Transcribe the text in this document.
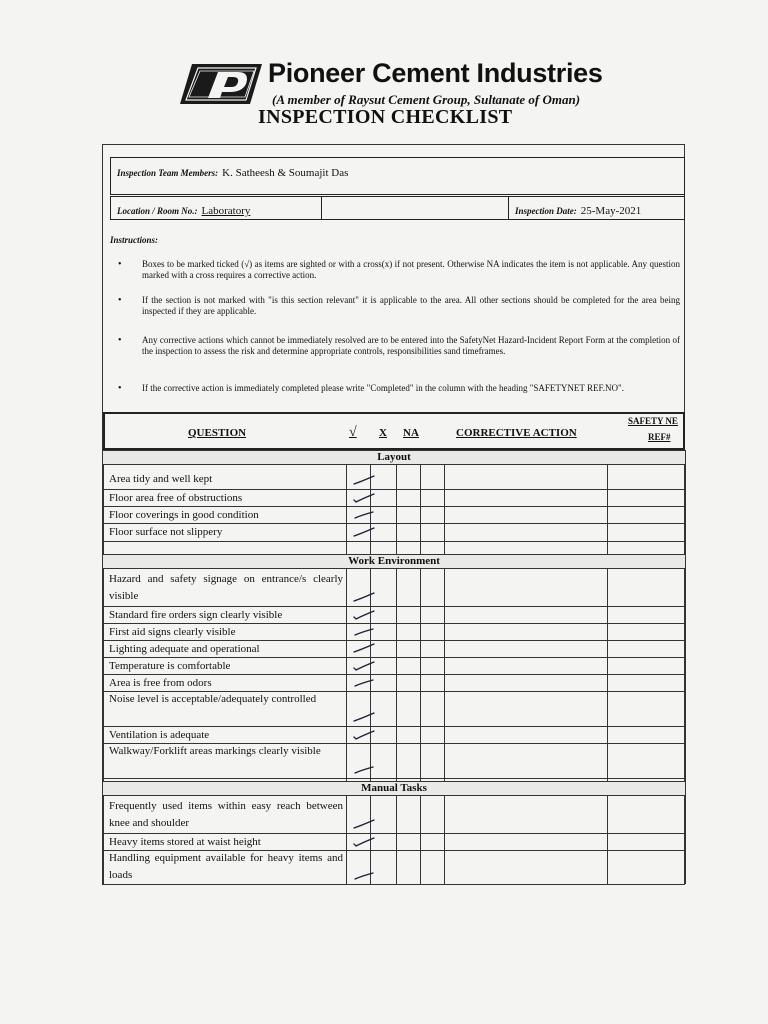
Pioneer Cement Industries
(A member of Raysut Cement Group, Sultanate of Oman)
INSPECTION CHECKLIST
Inspection Team Members: K. Satheesh & Soumajit Das
Location / Room No.: Laboratory	Inspection Date: 25-May-2021
Instructions:
• Boxes to be marked ticked (√) as items are sighted or with a cross(x) if not present. Otherwise NA indicates the item is not applicable. Any question marked with a cross requires a corrective action.
• If the section is not marked with "is this section relevant" it is applicable to the area. All other sections should be completed for the area being inspected if they are applicable.
• Any corrective actions which cannot be immediately resolved are to be entered into the SafetyNet Hazard-Incident Report Form at the completion of the inspection to assess the risk and determine appropriate controls, responsibilities sand timeframes.
• If the corrective action is immediately completed please write "Completed" in the column with the heading "SAFETYNET REF.NO".
QUESTION	√ X NA	CORRECTIVE ACTION
SAFETY NE
REF#
Layout
Area tidy and well kept
Floor area free of obstructions
Floor coverings in good condition
Floor surface not slippery
Work Environment
Hazard and safety signage on entrance/s clearly visible
Standard fire orders sign clearly visible
First aid signs clearly visible
Lighting adequate and operational
Temperature is comfortable
Area is free from odors
Noise level is acceptable/adequately controlled
Ventilation is adequate
Walkway/Forklift areas markings clearly visible
Manual Tasks
Frequently used items within easy reach between knee and shoulder
Heavy items stored at waist height
Handling equipment available for heavy items and loads
